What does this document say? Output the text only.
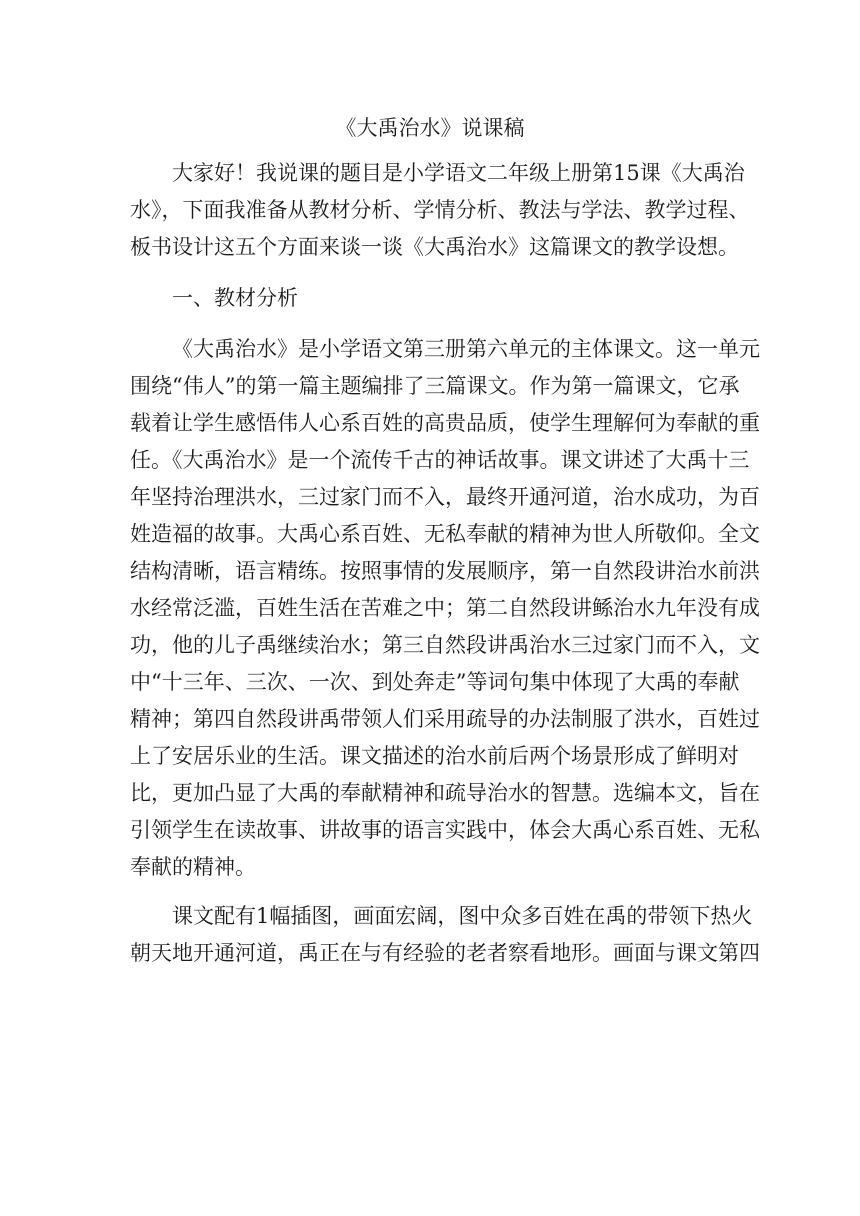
《大禹治水》说课稿

大家好！我说课的题目是小学语文二年级上册第15课《大禹治
水》，下面我准备从教材分析、学情分析、教法与学法、教学过程、
板书设计这五个方面来谈一谈《大禹治水》这篇课文的教学设想。

一、教材分析

《大禹治水》是小学语文第三册第六单元的主体课文。这一单元
围绕“伟人”的第一篇主题编排了三篇课文。作为第一篇课文，它承
载着让学生感悟伟人心系百姓的高贵品质，使学生理解何为奉献的重
任。《大禹治水》是一个流传千古的神话故事。课文讲述了大禹十三
年坚持治理洪水，三过家门而不入，最终开通河道，治水成功，为百
姓造福的故事。大禹心系百姓、无私奉献的精神为世人所敬仰。全文
结构清晰，语言精练。按照事情的发展顺序，第一自然段讲治水前洪
水经常泛滥，百姓生活在苦难之中；第二自然段讲鲧治水九年没有成
功，他的儿子禹继续治水；第三自然段讲禹治水三过家门而不入，文
中“十三年、三次、一次、到处奔走”等词句集中体现了大禹的奉献
精神；第四自然段讲禹带领人们采用疏导的办法制服了洪水，百姓过
上了安居乐业的生活。课文描述的治水前后两个场景形成了鲜明对
比，更加凸显了大禹的奉献精神和疏导治水的智慧。选编本文，旨在
引领学生在读故事、讲故事的语言实践中，体会大禹心系百姓、无私
奉献的精神。

课文配有1幅插图，画面宏阔，图中众多百姓在禹的带领下热火
朝天地开通河道，禹正在与有经验的老者察看地形。画面与课文第四
